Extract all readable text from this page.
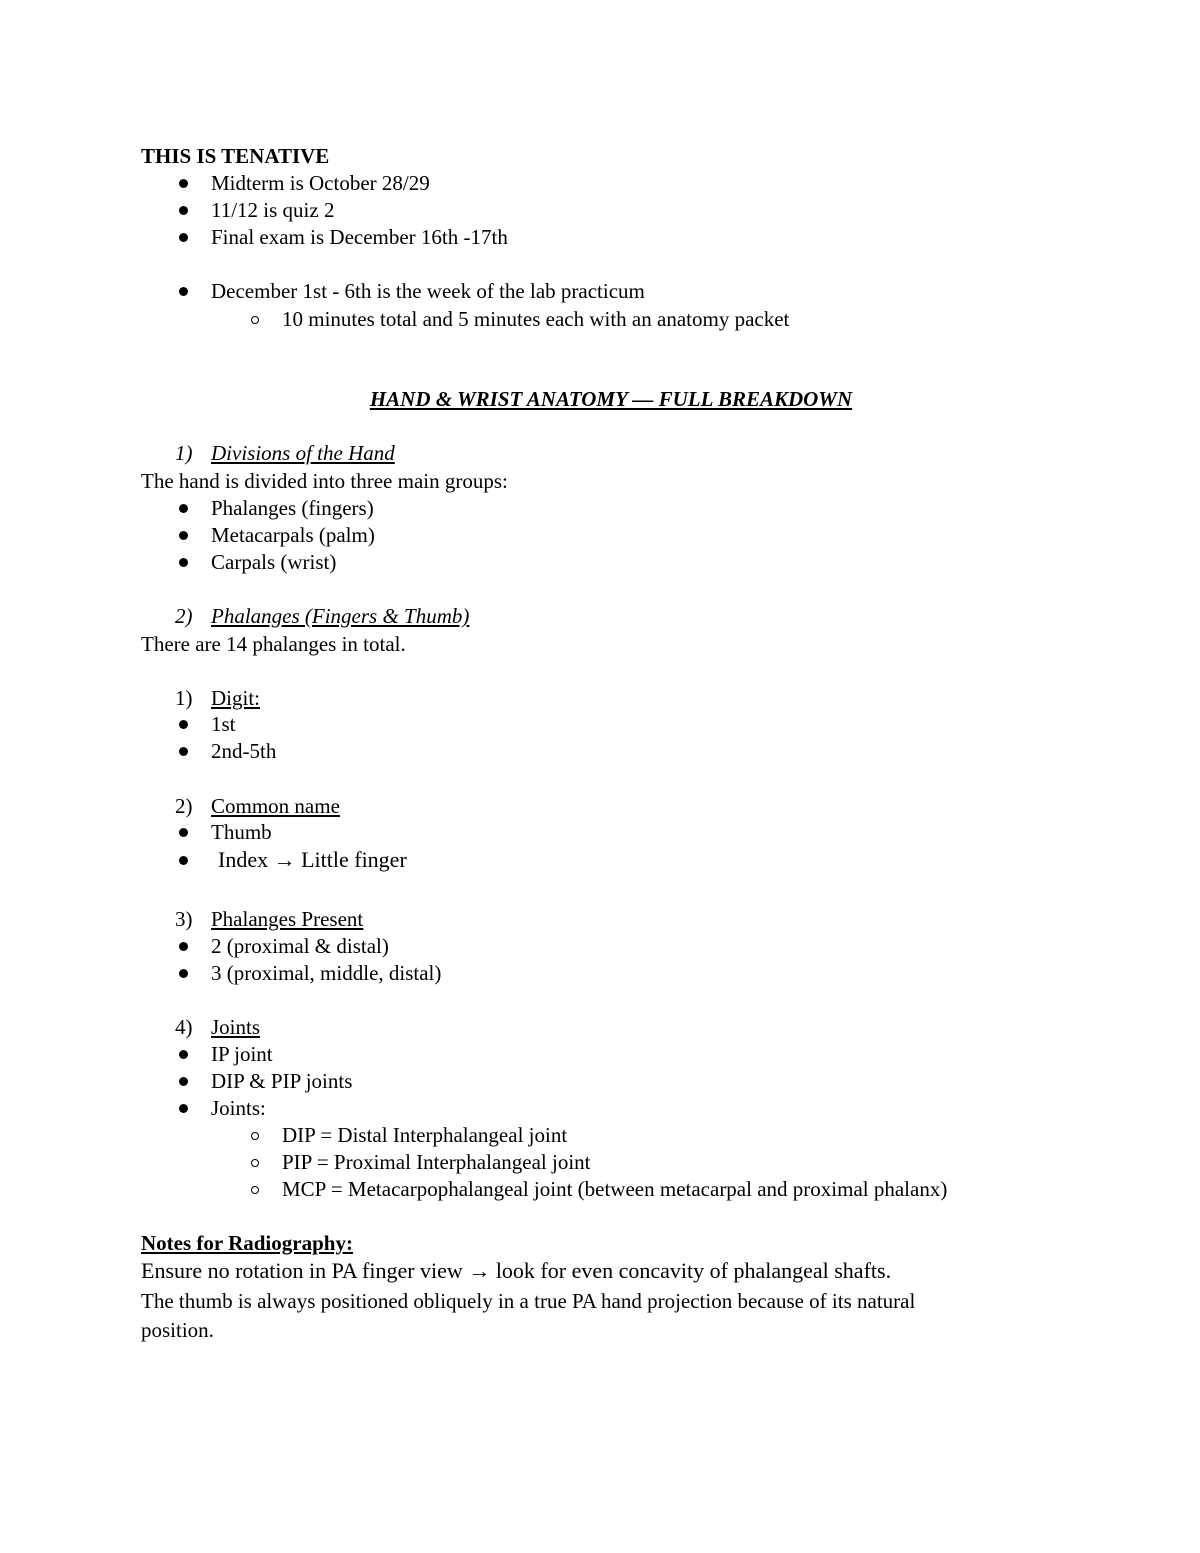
THIS IS TENATIVE
Midterm is October 28/29
11/12 is quiz 2
Final exam is December 16th -17th
December 1st - 6th is the week of the lab practicum
10 minutes total and 5 minutes each with an anatomy packet
HAND & WRIST ANATOMY — FULL BREAKDOWN
1) Divisions of the Hand
The hand is divided into three main groups:
Phalanges (fingers)
Metacarpals (palm)
Carpals (wrist)
2) Phalanges (Fingers & Thumb)
There are 14 phalanges in total.
1) Digit:
1st
2nd-5th
2) Common name
Thumb
Index → Little finger
3) Phalanges Present
2 (proximal & distal)
3 (proximal, middle, distal)
4) Joints
IP joint
DIP & PIP joints
Joints:
DIP = Distal Interphalangeal joint
PIP = Proximal Interphalangeal joint
MCP = Metacarpophalangeal joint (between metacarpal and proximal phalanx)
Notes for Radiography:
Ensure no rotation in PA finger view → look for even concavity of phalangeal shafts.
The thumb is always positioned obliquely in a true PA hand projection because of its natural
position.
